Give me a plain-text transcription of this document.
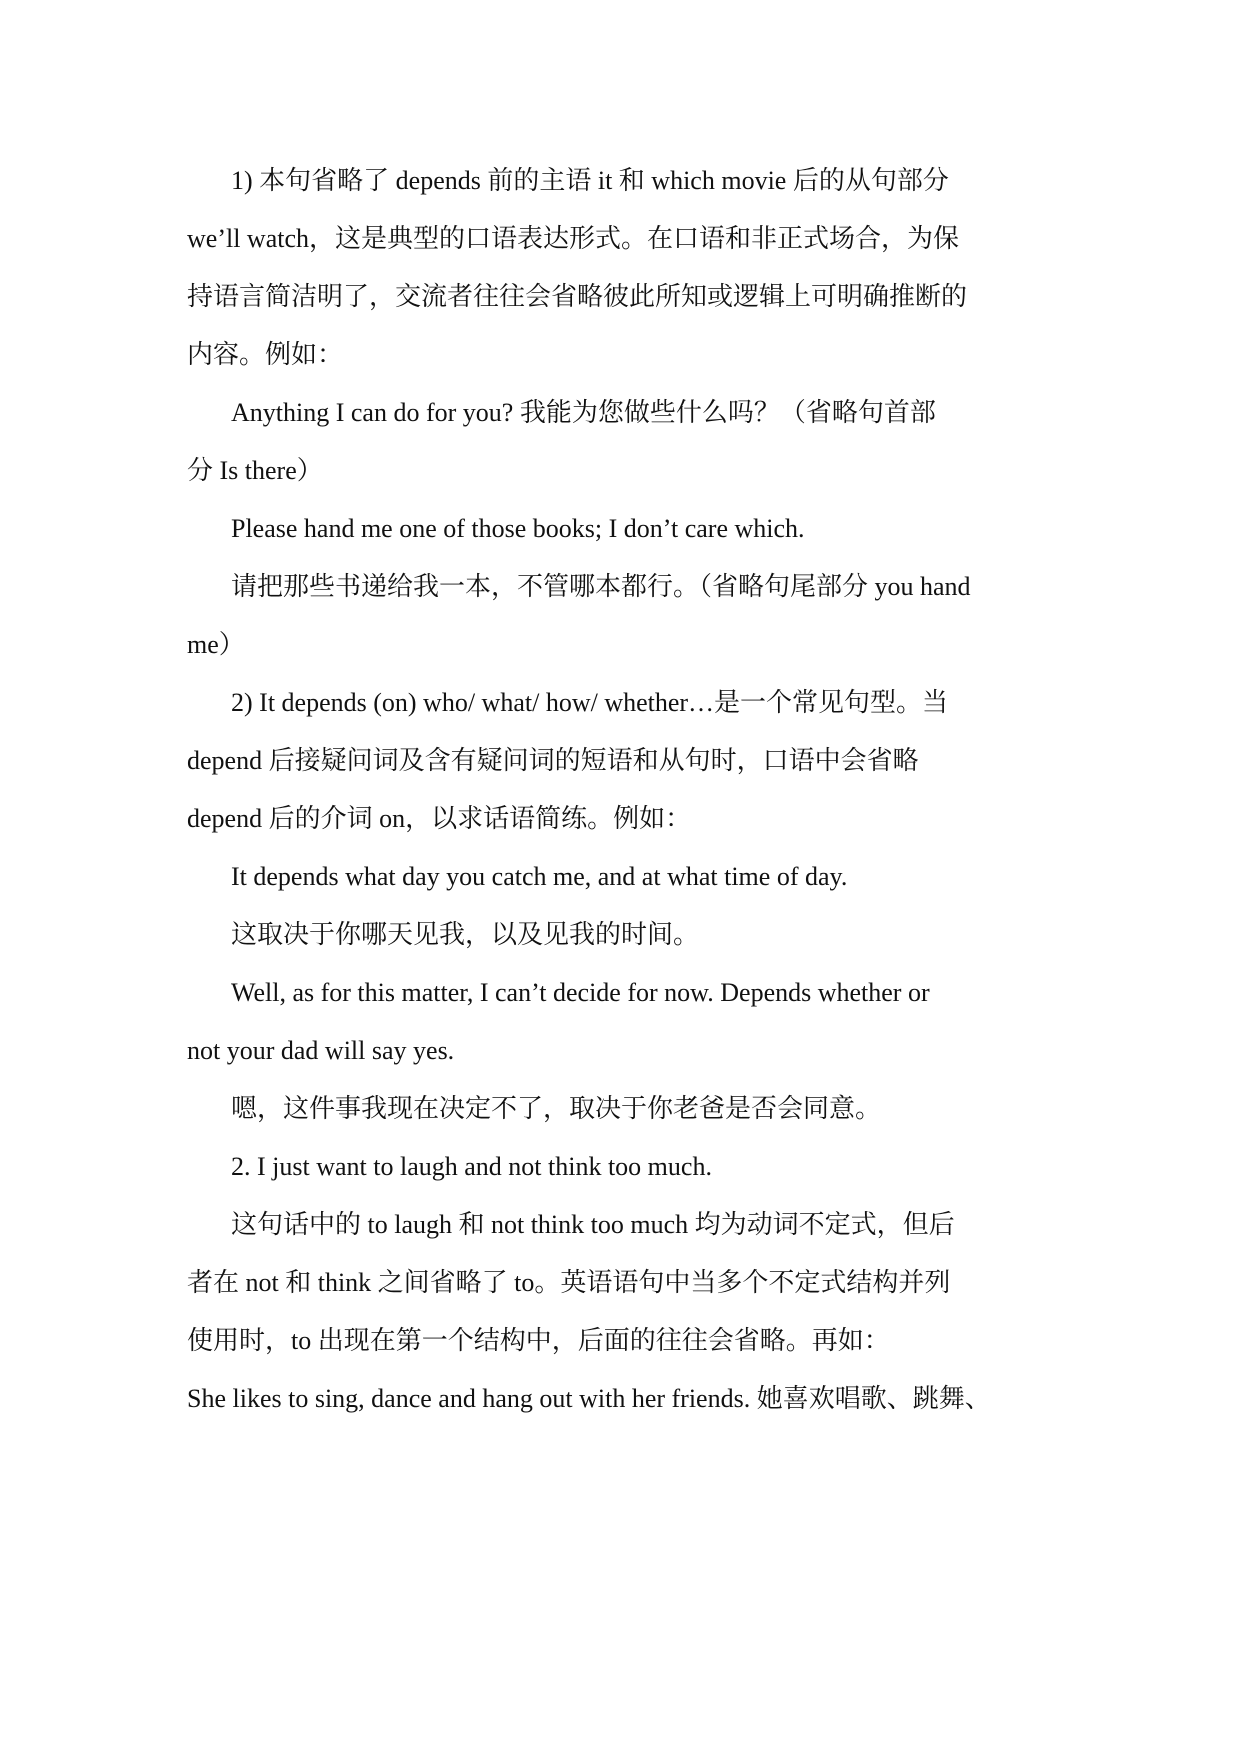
1) 本句省略了 depends 前的主语 it 和 which movie 后的从句部分
we’ll watch，这是典型的口语表达形式。在口语和非正式场合，为保
持语言简洁明了，交流者往往会省略彼此所知或逻辑上可明确推断的
内容。例如：
Anything I can do for you? 我能为您做些什么吗？（省略句首部
分 Is there）
Please hand me one of those books; I don’t care which.
请把那些书递给我一本，不管哪本都行。（省略句尾部分 you hand
me）
2) It depends (on) who/ what/ how/ whether…是一个常见句型。当
depend 后接疑问词及含有疑问词的短语和从句时，口语中会省略
depend 后的介词 on，以求话语简练。例如：
It depends what day you catch me, and at what time of day.
这取决于你哪天见我，以及见我的时间。
Well, as for this matter, I can’t decide for now. Depends whether or
not your dad will say yes.
嗯，这件事我现在决定不了，取决于你老爸是否会同意。
2. I just want to laugh and not think too much.
这句话中的 to laugh 和 not think too much 均为动词不定式，但后
者在 not 和 think 之间省略了 to。英语语句中当多个不定式结构并列
使用时，to 出现在第一个结构中，后面的往往会省略。再如：
She likes to sing, dance and hang out with her friends. 她喜欢唱歌、跳舞、
